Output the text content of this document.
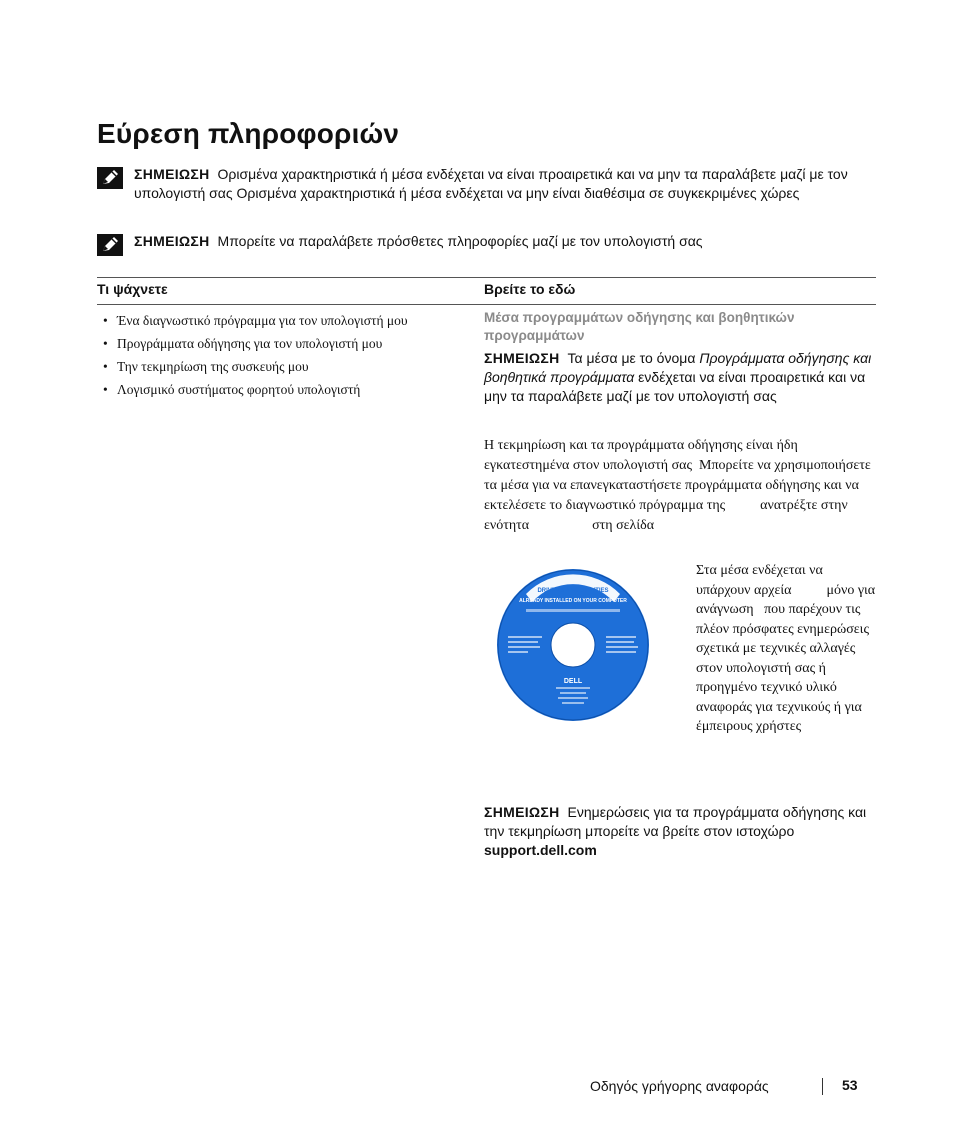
Εύρεση πληροφοριών
ΣΗΜΕΙΩΣΗ Ορισμένα χαρακτηριστικά ή μέσα ενδέχεται να είναι προαιρετικά και να μην τα παραλάβετε μαζί με τον υπολογιστή σας Ορισμένα χαρακτηριστικά ή μέσα ενδέχεται να μην είναι διαθέσιμα σε συγκεκριμένες χώρες
ΣΗΜΕΙΩΣΗ Μπορείτε να παραλάβετε πρόσθετες πληροφορίες μαζί με τον υπολογιστή σας
Τι ψάχνετε	Βρείτε το εδώ
• Ένα διαγνωστικό πρόγραμμα για τον υπολογιστή μου
• Προγράμματα οδήγησης για τον υπολογιστή μου
• Την τεκμηρίωση της συσκευής μου
• Λογισμικό συστήματος φορητού υπολογιστή
Μέσα προγραμμάτων οδήγησης και βοηθητικών προγραμμάτων
ΣΗΜΕΙΩΣΗ Τα μέσα με το όνομα Προγράμματα οδήγησης και βοηθητικά προγράμματα ενδέχεται να είναι προαιρετικά και να μην τα παραλάβετε μαζί με τον υπολογιστή σας
Η τεκμηρίωση και τα προγράμματα οδήγησης είναι ήδη εγκατεστημένα στον υπολογιστή σας  Μπορείτε να χρησιμοποιήσετε τα μέσα για να επανεγκαταστήσετε προγράμματα οδήγησης και να εκτελέσετε το διαγνωστικό πρόγραμμα της          ανατρέξτε στην ενότητα                  στη σελίδα
DRIVERS AND UTILITIES
ALREADY INSTALLED ON YOUR COMPUTER
DELL
Στα μέσα ενδέχεται να υπάρχουν αρχεία          μόνο για ανάγνωση   που παρέχουν τις πλέον πρόσφατες ενημερώσεις σχετικά με τεχνικές αλλαγές στον υπολογιστή σας ή προηγμένο τεχνικό υλικό αναφοράς για τεχνικούς ή για έμπειρους χρήστες
ΣΗΜΕΙΩΣΗ Ενημερώσεις για τα προγράμματα οδήγησης και την τεκμηρίωση μπορείτε να βρείτε στον ιστοχώρο support.dell.com
Οδηγός γρήγορης αναφοράς	53
